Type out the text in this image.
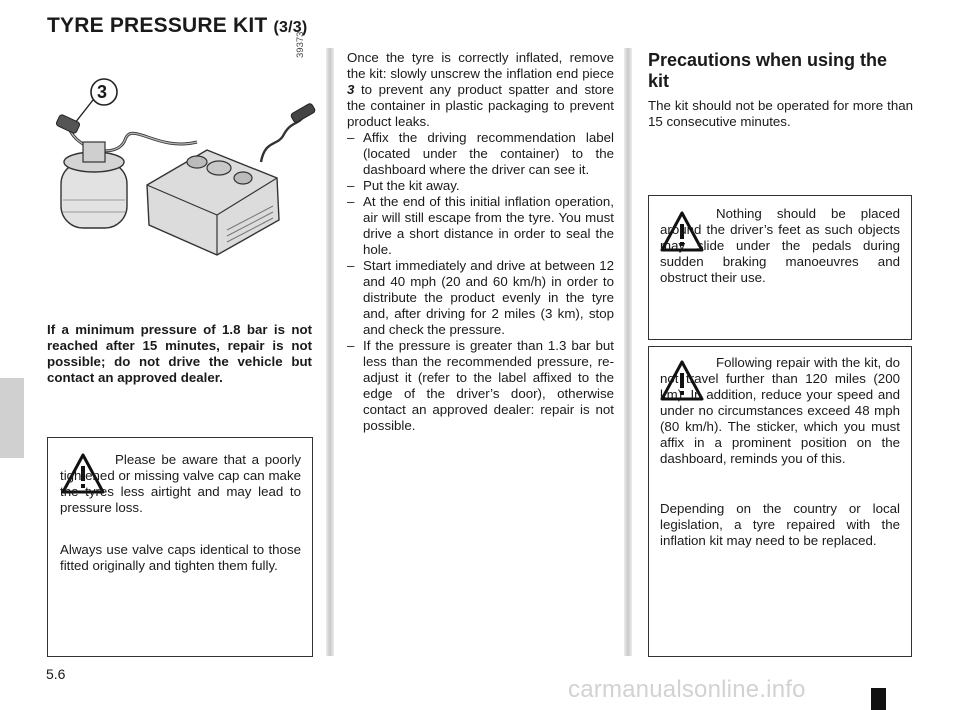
TYRE PRESSURE KIT (3/3)
3
39373
If a minimum pressure of 1.8 bar is not reached after 15 minutes, repair is not possible; do not drive the vehicle but contact an approved dealer.
Please be aware that a poorly tightened or missing valve cap can make the tyres less airtight and may lead to pressure loss.
Always use valve caps identical to those fitted originally and tighten them fully.
Once the tyre is correctly inflated, remove the kit: slowly unscrew the inflation end piece 3 to prevent any product spatter and store the container in plastic packaging to prevent product leaks.
– Affix the driving recommendation label (located under the container) to the dashboard where the driver can see it.
– Put the kit away.
– At the end of this initial inflation operation, air will still escape from the tyre. You must drive a short distance in order to seal the hole.
– Start immediately and drive at between 12 and 40 mph (20 and 60 km/h) in order to distribute the product evenly in the tyre and, after driving for 2 miles (3 km), stop and check the pressure.
– If the pressure is greater than 1.3 bar but less than the recommended pressure, re-adjust it (refer to the label affixed to the edge of the driver’s door), otherwise contact an approved dealer: repair is not possible.
Precautions when using the kit
The kit should not be operated for more than 15 consecutive minutes.
Nothing should be placed around the driver’s feet as such objects may slide under the pedals during sudden braking manoeuvres and obstruct their use.
Following repair with the kit, do not travel further than 120 miles (200 km). In addition, reduce your speed and under no circumstances exceed 48 mph (80 km/h). The sticker, which you must affix in a prominent position on the dashboard, reminds you of this.
Depending on the country or local legislation, a tyre repaired with the inflation kit may need to be replaced.
5.6
carmanualsonline.info
